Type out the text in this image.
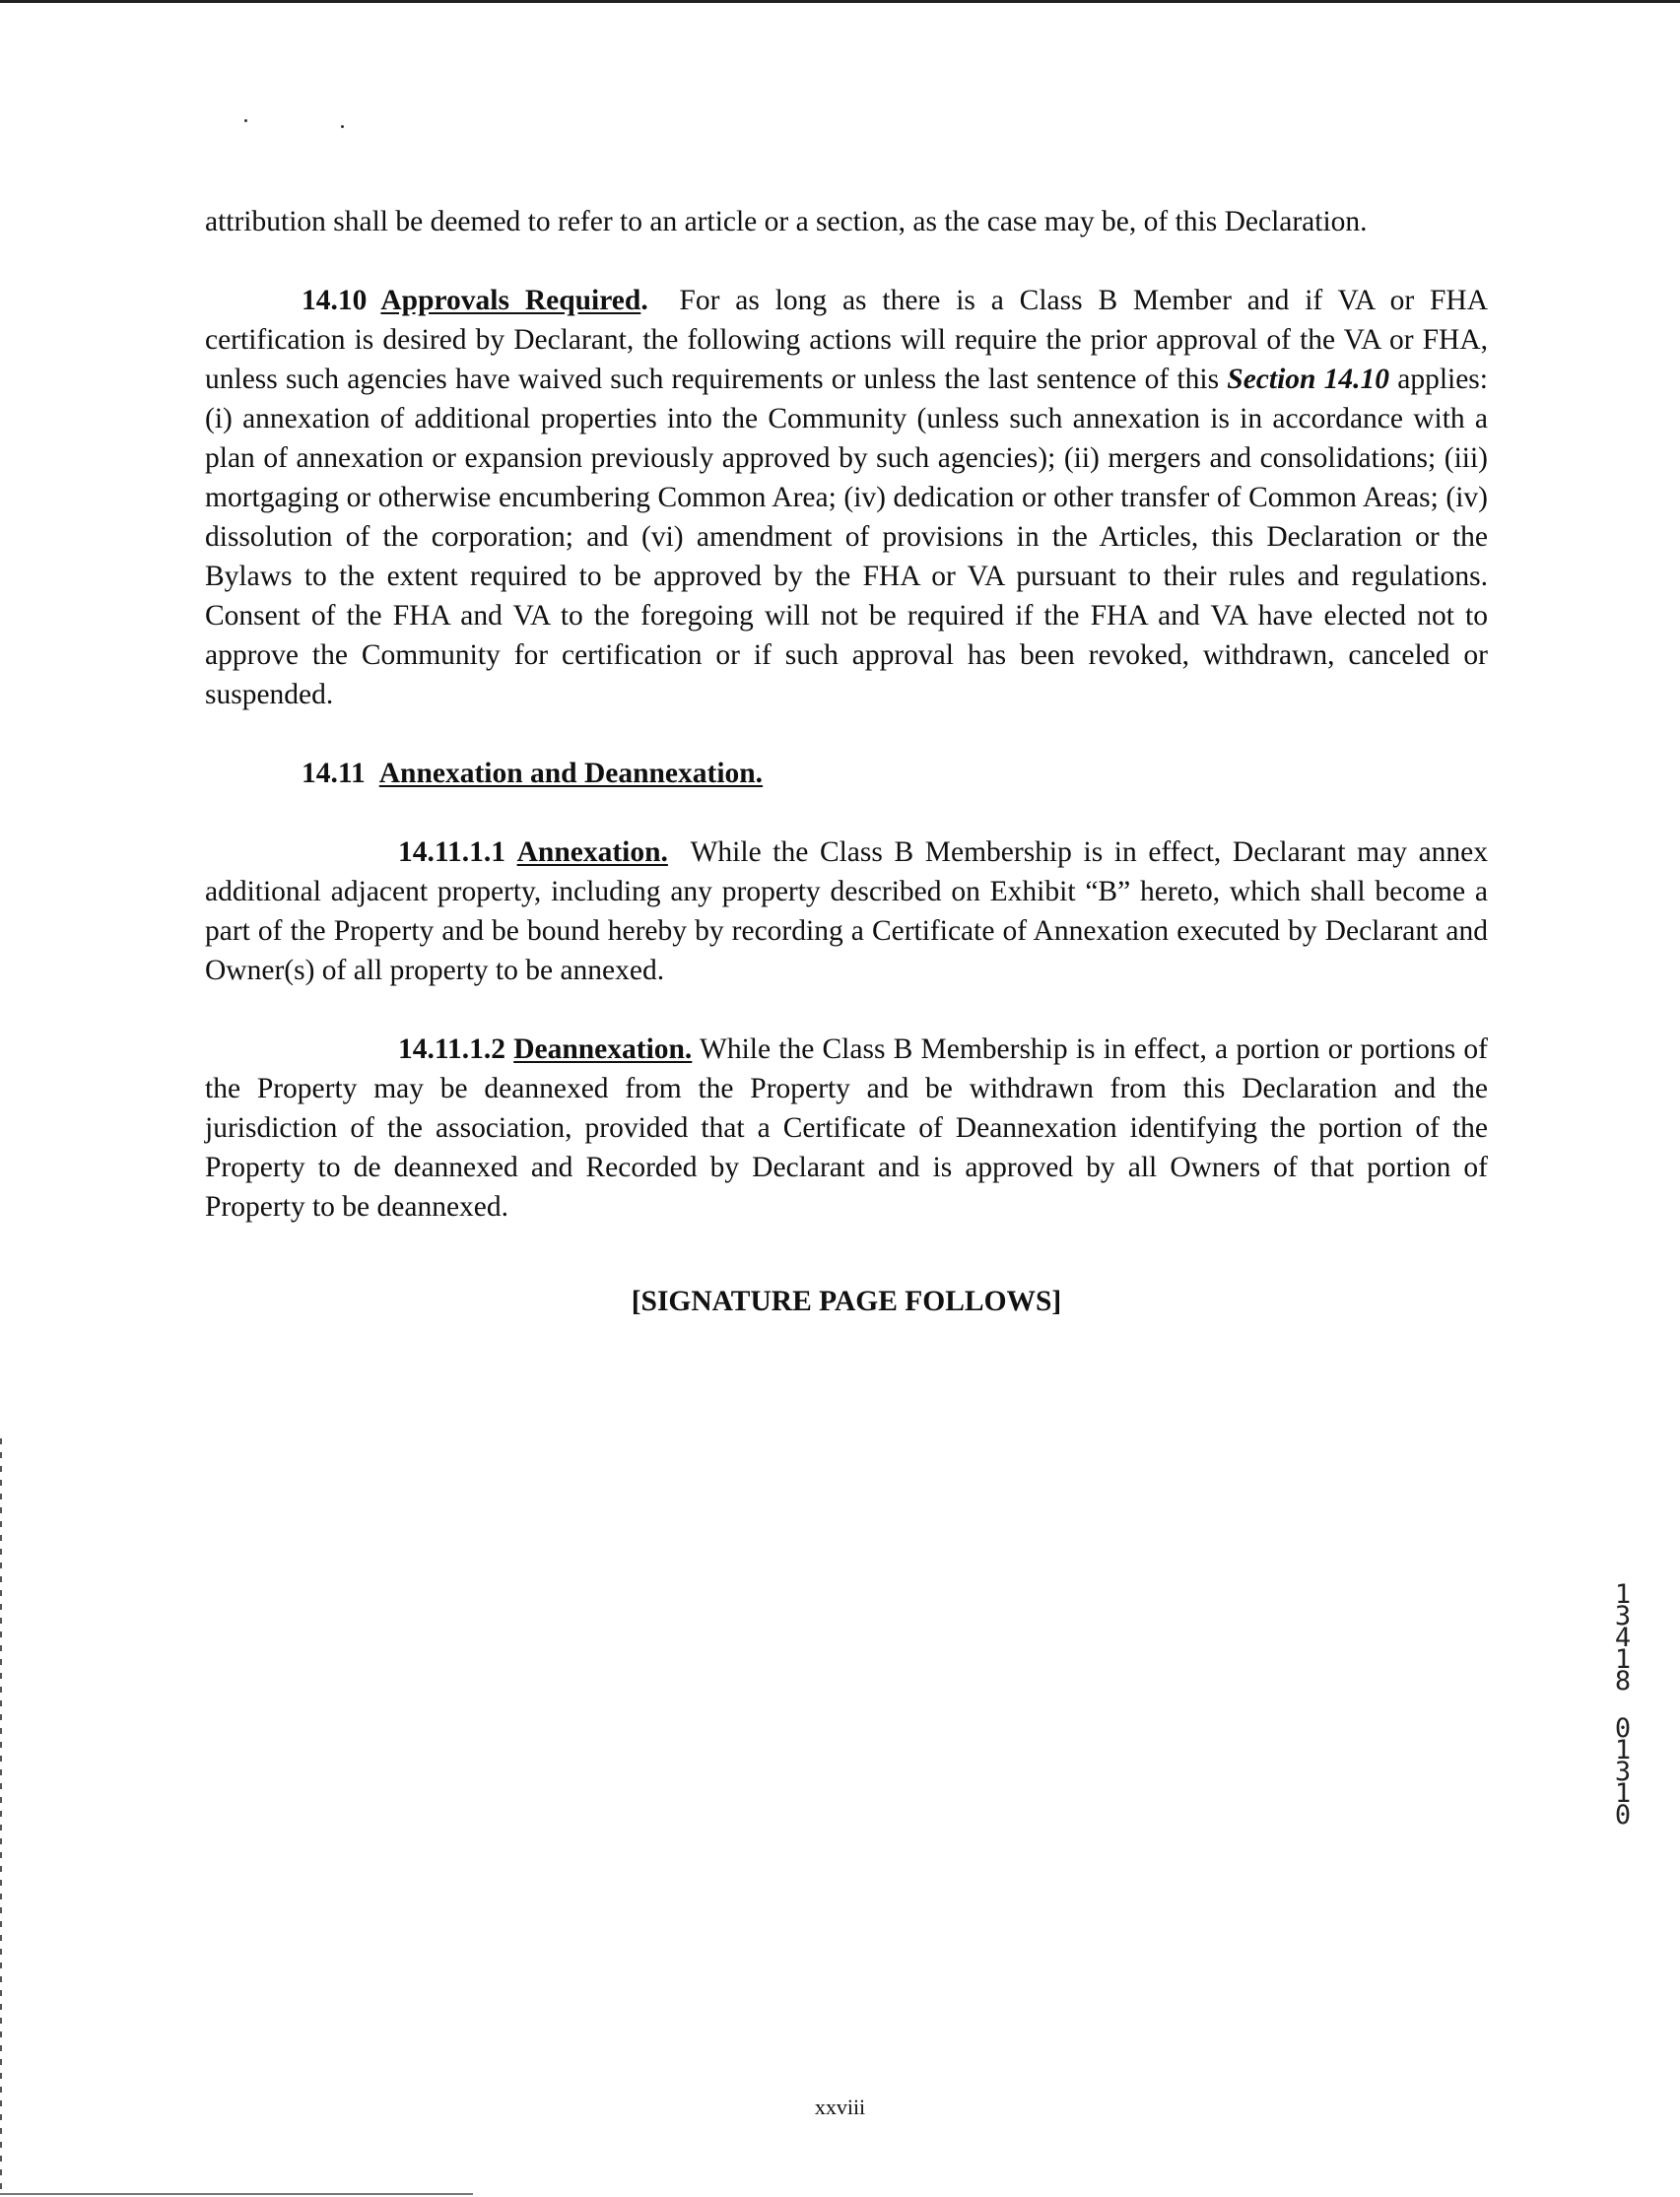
attribution shall be deemed to refer to an article or a section, as the case may be, of this Declaration.

14.10 Approvals Required. For as long as there is a Class B Member and if VA or FHA certification is desired by Declarant, the following actions will require the prior approval of the VA or FHA, unless such agencies have waived such requirements or unless the last sentence of this Section 14.10 applies: (i) annexation of additional properties into the Community (unless such annexation is in accordance with a plan of annexation or expansion previously approved by such agencies); (ii) mergers and consolidations; (iii) mortgaging or otherwise encumbering Common Area; (iv) dedication or other transfer of Common Areas; (iv) dissolution of the corporation; and (vi) amendment of provisions in the Articles, this Declaration or the Bylaws to the extent required to be approved by the FHA or VA pursuant to their rules and regulations. Consent of the FHA and VA to the foregoing will not be required if the FHA and VA have elected not to approve the Community for certification or if such approval has been revoked, withdrawn, canceled or suspended.

14.11 Annexation and Deannexation.

14.11.1.1 Annexation. While the Class B Membership is in effect, Declarant may annex additional adjacent property, including any property described on Exhibit “B” hereto, which shall become a part of the Property and be bound hereby by recording a Certificate of Annexation executed by Declarant and Owner(s) of all property to be annexed.

14.11.1.2 Deannexation. While the Class B Membership is in effect, a portion or portions of the Property may be deannexed from the Property and be withdrawn from this Declaration and the jurisdiction of the association, provided that a Certificate of Deannexation identifying the portion of the Property to de deannexed and Recorded by Declarant and is approved by all Owners of that portion of Property to be deannexed.

[SIGNATURE PAGE FOLLOWS]

13418
01310
xxviii
